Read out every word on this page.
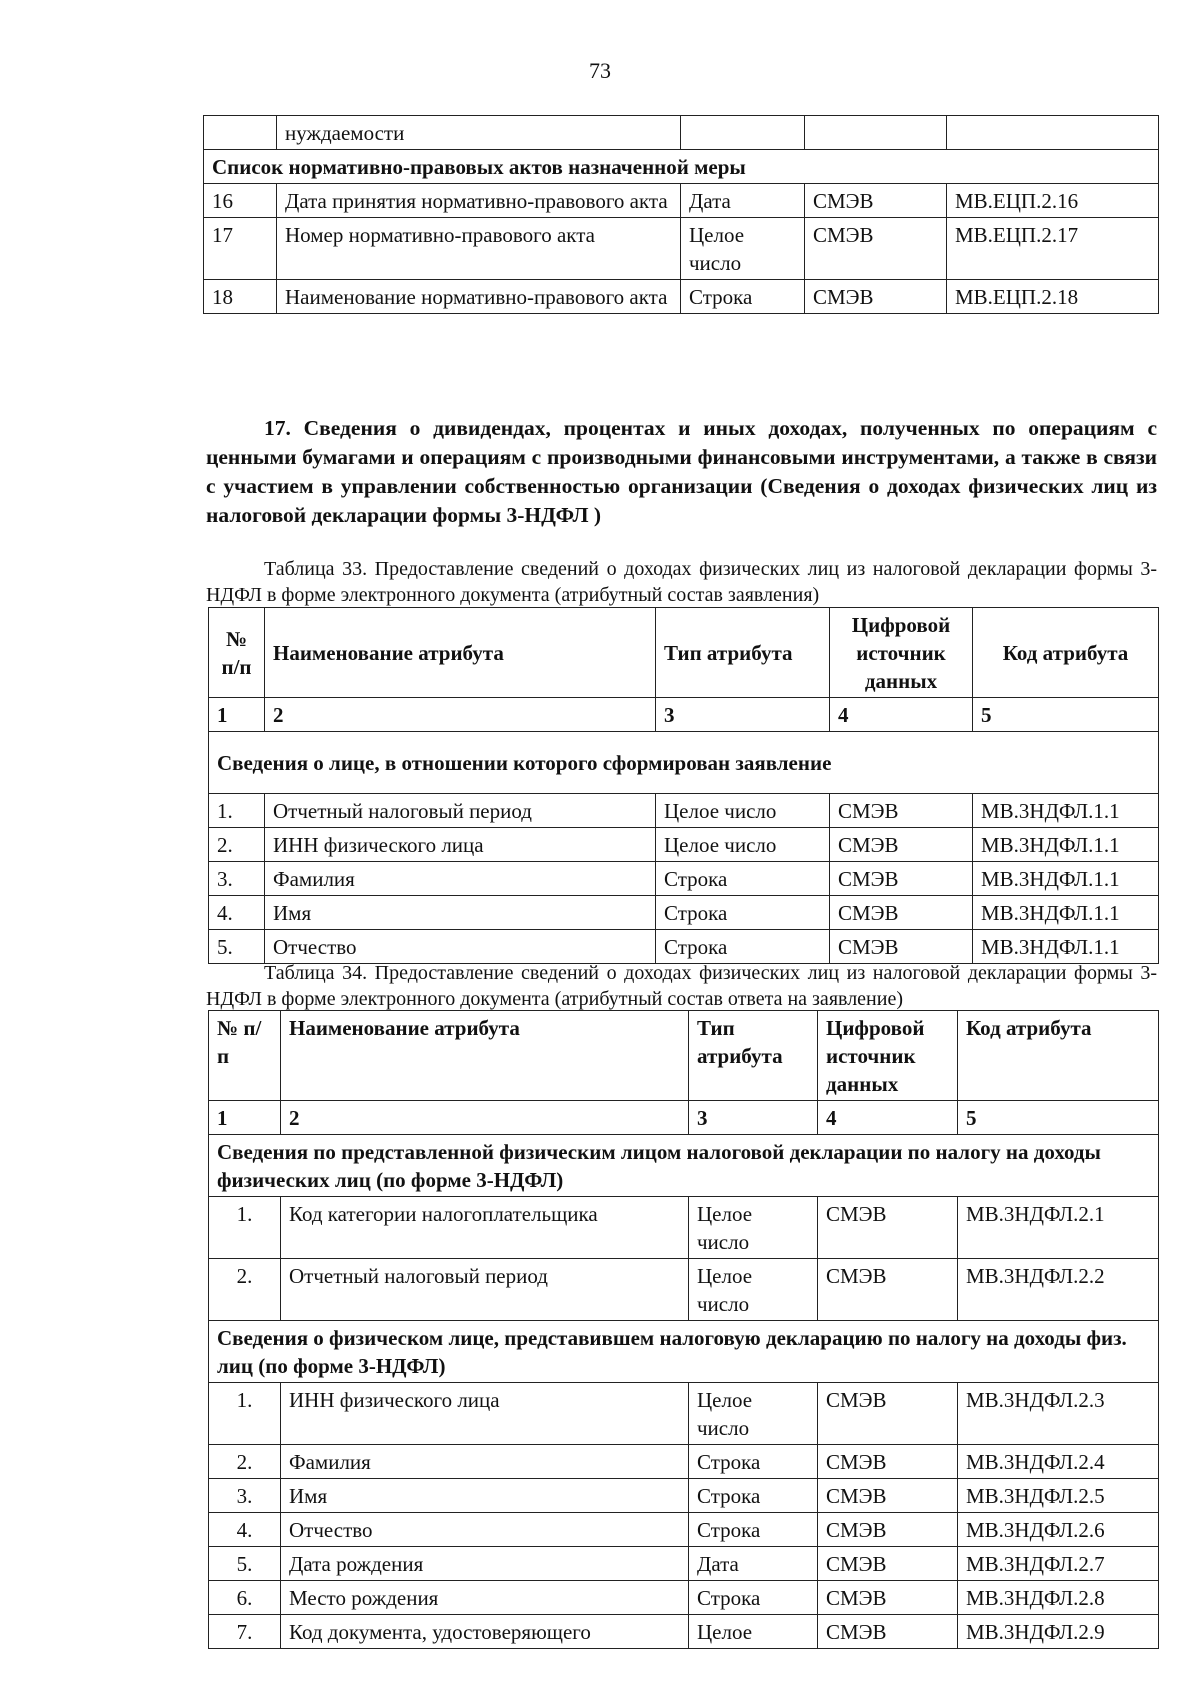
73
	нуждаемости			
Список нормативно-правовых актов назначенной меры				
16	Дата принятия нормативно-правового акта	Дата	СМЭВ	МВ.ЕЦП.2.16
17	Номер нормативно-правового акта	Целое число	СМЭВ	МВ.ЕЦП.2.17
18	Наименование нормативно-правового акта	Строка	СМЭВ	МВ.ЕЦП.2.18
17. Сведения о дивидендах, процентах и иных доходах, полученных по операциям с ценными бумагами и операциям с производными финансовыми инструментами, а также в связи с участием в управлении собственностью организации (Сведения о доходах физических лиц из налоговой декларации формы 3-НДФЛ )
Таблица 33. Предоставление сведений о доходах физических лиц из налоговой декларации формы 3-НДФЛ в форме электронного документа (атрибутный состав заявления)
№ п/п	Наименование атрибута	Тип атрибута	Цифровой источник данных	Код атрибута
1	2	3	4	5
Сведения о лице, в отношении которого сформирован заявление				
1.	Отчетный налоговый период	Целое число	СМЭВ	МВ.3НДФЛ.1.1
2.	ИНН физического лица	Целое число	СМЭВ	МВ.3НДФЛ.1.1
3.	Фамилия	Строка	СМЭВ	МВ.3НДФЛ.1.1
4.	Имя	Строка	СМЭВ	МВ.3НДФЛ.1.1
5.	Отчество	Строка	СМЭВ	МВ.3НДФЛ.1.1
Таблица 34. Предоставление сведений о доходах физических лиц из налоговой декларации формы 3-НДФЛ в форме электронного документа (атрибутный состав ответа на заявление)
№ п/п	Наименование атрибута	Тип атрибута	Цифровой источник данных	Код атрибута
1	2	3	4	5
Сведения по представленной физическим лицом налоговой декларации по налогу на доходы физических лиц (по форме 3-НДФЛ)				
1.	Код категории налогоплательщика	Целое число	СМЭВ	МВ.3НДФЛ.2.1
2.	Отчетный налоговый период	Целое число	СМЭВ	МВ.3НДФЛ.2.2
Сведения о физическом лице, представившем налоговую декларацию по налогу на доходы физ. лиц (по форме 3-НДФЛ)				
1.	ИНН физического лица	Целое число	СМЭВ	МВ.3НДФЛ.2.3
2.	Фамилия	Строка	СМЭВ	МВ.3НДФЛ.2.4
3.	Имя	Строка	СМЭВ	МВ.3НДФЛ.2.5
4.	Отчество	Строка	СМЭВ	МВ.3НДФЛ.2.6
5.	Дата рождения	Дата	СМЭВ	МВ.3НДФЛ.2.7
6.	Место рождения	Строка	СМЭВ	МВ.3НДФЛ.2.8
7.	Код документа, удостоверяющего	Целое	СМЭВ	МВ.3НДФЛ.2.9
